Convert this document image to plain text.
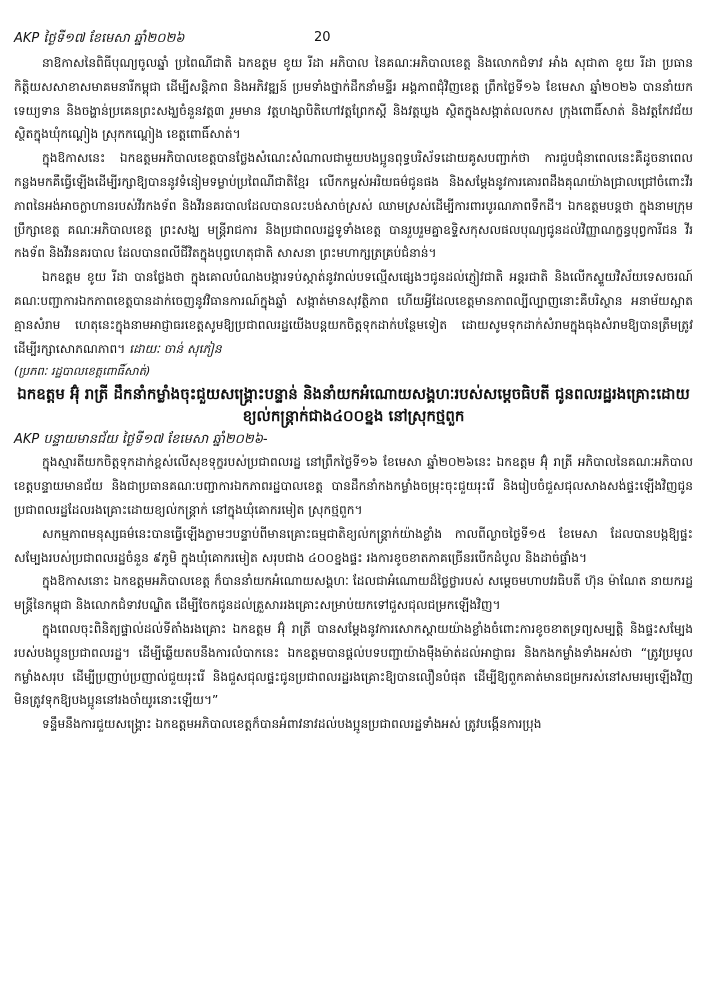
AKP ថ្ងៃទី១៧ ខែមេសា ឆ្នាំ២០២៦	20

នាឱកាសនៃពិធីបុណ្យចូលឆ្នាំ ប្រពៃណីជាតិ ឯកឧត្តម ខូយ រីដា អភិបាល នៃគណៈអភិបាលខេត្ត និងលោកជំទាវ អាំង សុជាតា ខូយ រីដា ប្រធានកិត្តិយសសាខាសមាគមនារីកម្ពុជា ដើម្បីសន្តិភាព និងអភិវឌ្ឍន៍ ប្រមទាំងថ្នាក់ដឹកនាំមន្ទីរ អង្គភាពជុំវិញខេត្ត ព្រឹកថ្ងៃទី១៦ ខែមេសា ឆ្នាំ២០២៦ បាននាំយកទេយ្យទាន និងចង្ហាន់ប្រគេនព្រះសង្ឃចំនួនវត្ត៣ រួមមាន វត្តហង្សាបិតិហៅវត្តព្រែកស្តី និងវត្តឃ្លង ស្ថិតក្នុងសង្កាត់លលកស ក្រុងពោធិ៍សាត់ និងវត្តកែវជ័យ ស្ថិតក្នុងឃុំកណ្ដៀង ស្រុកកណ្ដៀង ខេត្តពោធិ៍សាត់។

ក្នុងឱកាសនេះ ឯកឧត្តមអភិបាលខេត្តបានថ្លែងសំណេះសំណាលជាមួយបងប្អូនពុទ្ធបរិស័ទដោយគូសបញ្ជាក់ថា ការជួបជុំនាពេលនេះគឺដូចនាពេលកន្លងមកគឺធ្វើឡើងដើម្បីរក្សាឱ្យបាននូវទំនៀមទម្លាប់ប្រពៃណីជាតិខ្មែរ លើកកម្ពស់អរិយធម៌ជូនផង និងសម្ដែងនូវការគោរពដឹងគុណយ៉ាងជ្រាលជ្រៅចំពោះវីរភាពនៃអង់អាចក្លាហានរបស់វីរកងទ័ព និងវីរនគរបាលដែលបានលះបង់សាច់ស្រស់ ឈាមស្រស់ដើម្បីការពារបូរណភាពទឹកដី។ ឯកឧត្តមបន្តថា ក្នុងនាមក្រុមប្រឹក្សាខេត្ត គណៈអភិបាលខេត្ត ព្រះសង្ឃ មន្ត្រីរាជការ និងប្រជាពលរដ្ឋទូទាំងខេត្ត បានរួបរួមគ្នាឧទ្ទិសកុសលផលបុណ្យជូនដល់វិញ្ញាណក្ខន្ធបុព្វការីជន វីរកងទ័ព និងវីរនគរបាល ដែលបានពលីជីវិតក្នុងបុព្វហេតុជាតិ សាសនា ព្រះមហាក្សត្រគ្រប់ជំនាន់។

ឯកឧត្តម ខូយ រីដា បានថ្លែងថា ក្នុងគោលបំណងបង្ការទប់ស្កាត់នូវរាល់បទល្មើសផ្សេងៗជូនដល់ភ្ញៀវជាតិ អន្តរជាតិ និងលើកស្ទួយវិស័យទេសចរណ៍ គណៈបញ្ជាការឯកភាពខេត្តបានដាក់ចេញនូវវិធានការណ៍ក្នុងឆ្នាំ សង្កាត់មានសុវត្ថិភាព ហើយអ្វីដែលខេត្តមានភាពល្បីល្បាញនោះគឺបរិស្ថាន អនាម័យស្អាតគ្មានសំរាម ហេតុនេះក្នុងនាមអាជ្ញាធរខេត្តសូមឱ្យប្រជាពលរដ្ឋយើងបន្តយកចិត្តទុកដាក់បន្ថែមទៀត ដោយសូមទុកដាក់សំរាមក្នុងធុងសំរាមឱ្យបានត្រឹមត្រូវ ដើម្បីរក្សាសោភណភាព។ ដោយៈ ចាន់ សុភៀន

(ប្រភពៈ រដ្ឋបាលខេត្តពោធិ៍សាត់)

ឯកឧត្តម អ៊ុំ រាត្រី ដឹកនាំកម្លាំងចុះជួយសង្គ្រោះបន្ទាន់ និងនាំយកអំណោយសង្គហៈរបស់សម្ដេចធិបតី ជូនពលរដ្ឋរងគ្រោះដោយខ្យល់កន្ត្រាក់ជាង៤០០ខ្នង នៅស្រុកថ្មពួក

AKP បន្ទាយមានជ័យ ថ្ងៃទី១៧ ខែមេសា ឆ្នាំ២០២៦-

ក្នុងស្មារតីយកចិត្តទុកដាក់ខ្ពស់លើសុខទុក្ខរបស់ប្រជាពលរដ្ឋ នៅព្រឹកថ្ងៃទី១៦ ខែមេសា ឆ្នាំ២០២៦នេះ ឯកឧត្តម អ៊ុំ រាត្រី អភិបាលនៃគណៈអភិបាលខេត្តបន្ទាយមានជ័យ និងជាប្រធានគណៈបញ្ជាការឯកភាពរដ្ឋបាលខេត្ត បានដឹកនាំកងកម្លាំងចម្រុះចុះជួយរុះរើ និងរៀបចំជួសជុលសាងសង់ផ្ទះឡើងវិញជូនប្រជាពលរដ្ឋដែលរងគ្រោះដោយខ្យល់កន្ត្រាក់ នៅក្នុងឃុំគោករមៀត ស្រុកថ្មពួក។

សកម្មភាពមនុស្សធម៌នេះបានធ្វើឡើងភ្លាមៗបន្ទាប់ពីមានគ្រោះធម្មជាតិខ្យល់កន្ត្រាក់យ៉ាងខ្លាំង កាលពីល្ងាចថ្ងៃទី១៥ ខែមេសា ដែលបានបង្កឱ្យផ្ទះសម្បែងរបស់ប្រជាពលរដ្ឋចំនួន ៩ភូមិ ក្នុងឃុំគោករមៀត សរុបជាង ៤០០ខ្នងផ្ទះ រងការខូចខាតភាគច្រើនរបើកដំបូល និងដាច់ផ្ទាំង។

ក្នុងឱកាសនោះ ឯកឧត្តមអភិបាលខេត្ត ក៏បាននាំយកអំណោយសង្គហៈ ដែលជាអំណោយដ៏ថ្លៃថ្លារបស់ សម្ដេចមហាបវរធិបតី ហ៊ុន ម៉ាណែត នាយករដ្ឋមន្ត្រីនៃកម្ពុជា និងលោកជំទាវបណ្ឌិត ដើម្បីចែកជូនដល់គ្រួសាររងគ្រោះសម្រាប់យកទៅជួសជុលជម្រកឡើងវិញ។

ក្នុងពេលចុះពិនិត្យផ្ទាល់ដល់ទីតាំងរងគ្រោះ ឯកឧត្តម អ៊ុំ រាត្រី បានសម្ដែងនូវការសោកស្ដាយយ៉ាងខ្លាំងចំពោះការខូចខាតទ្រព្យសម្បត្តិ និងផ្ទះសម្បែងរបស់បងប្អូនប្រជាពលរដ្ឋ។ ដើម្បីឆ្លើយតបនឹងការលំបាកនេះ ឯកឧត្តមបានផ្ដល់បទបញ្ជាយ៉ាងម៉ឺងម៉ាត់ដល់អាជ្ញាធរ និងកងកម្លាំងទាំងអស់ថា “ត្រូវប្រមូលកម្លាំងសរុប ដើម្បីប្រញាប់ប្រញាល់ជួយរុះរើ និងជួសជុលផ្ទះជូនប្រជាពលរដ្ឋរងគ្រោះឱ្យបានលឿនបំផុត ដើម្បីឱ្យពួកគាត់មានជម្រករស់នៅសមរម្យឡើងវិញ មិនត្រូវទុកឱ្យបងប្អូននៅរងចាំយូរនោះឡើយ។”

ទន្ទឹមនឹងការជួយសង្គ្រោះ ឯកឧត្តមអភិបាលខេត្តក៏បានអំពាវនាវដល់បងប្អូនប្រជាពលរដ្ឋទាំងអស់ ត្រូវបង្កើនការប្រុង
